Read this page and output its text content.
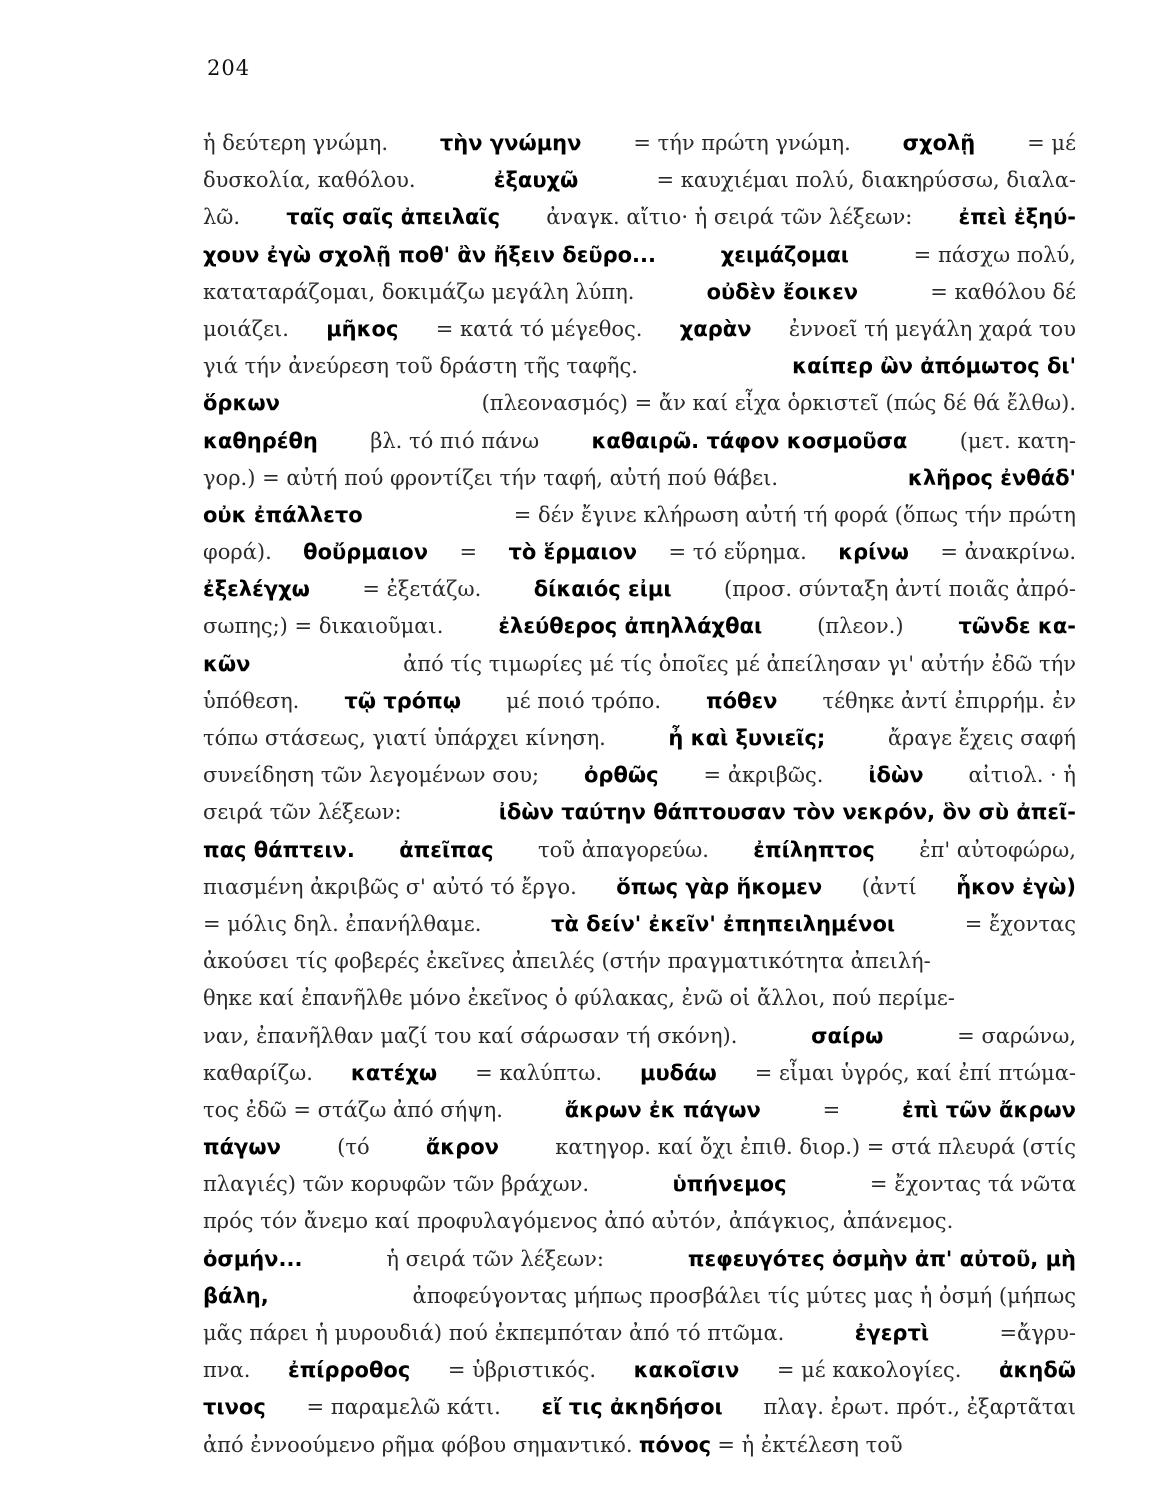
204
ἡ δεύτερη γνώμη. τὴν γνώμην = τήν πρώτη γνώμη. σχολῇ = μέ
δυσκολία, καθόλου.	ἐξαυχῶ	= καυχιέμαι πολύ, διακηρύσσω, διαλα-
λῶ. ταῖς σαῖς ἀπειλαῖς ἀναγκ. αἴτιο· ἡ σειρά τῶν λέξεων: ἐπεὶ ἐξηύ-
χουν ἐγὼ σχολῇ ποθ' ἂν ἤξειν δεῦρο...	χειμάζομαι	= πάσχω πολύ,
καταταράζομαι, δοκιμάζω μεγάλη λύπη.	οὐδὲν ἔοικεν	= καθόλου δέ
μοιάζει. μῆκος = κατά τό μέγεθος. χαρὰν ἐννοεῖ τή μεγάλη χαρά του
γιά τήν ἀνεύρεση τοῦ δράστη τῆς ταφῆς.	καίπερ ὢν ἀπόμωτος δι'
ὅρκων	(πλεονασμός) = ἄν καί εἶχα ὁρκιστεῖ (πώς δέ θά ἔλθω).
καθηρέθη βλ. τό πιό πάνω καθαιρῶ. τάφον κοσμοῦσα (μετ. κατη-
γορ.) = αὐτή πού φροντίζει τήν ταφή, αὐτή πού θάβει.	κλῆρος ἐνθάδ'
οὐκ ἐπάλλετο	= δέν ἔγινε κλήρωση αὐτή τή φορά (ὅπως τήν πρώτη
φορά). θοὔρμαιον = τὸ ἕρμαιον = τό εὕρημα. κρίνω = ἀνακρίνω.
ἐξελέγχω = ἐξετάζω. δίκαιός εἰμι (προσ. σύνταξη ἀντί ποιᾶς ἀπρό-
σωπης;) = δικαιοῦμαι.	ἐλεύθερος ἀπηλλάχθαι	(πλεον.)	τῶνδε κα-
κῶν	ἀπό τίς τιμωρίες μέ τίς ὁποῖες μέ ἀπείλησαν γι' αὐτήν ἐδῶ τήν
ὑπόθεση. τῷ τρόπῳ μέ ποιό τρόπο. πόθεν τέθηκε ἀντί ἐπιρρήμ. ἐν
τόπω στάσεως, γιατί ὑπάρχει κίνηση.	ἦ καὶ ξυνιεῖς;	ἄραγε ἔχεις σαφή
συνείδηση τῶν λεγομένων σου; ὀρθῶς = ἀκριβῶς. ἰδὼν αἰτιολ. · ἡ
σειρά τῶν λέξεων:	ἰδὼν ταύτην θάπτουσαν τὸν νεκρόν, ὃν σὺ ἀπεῖ-
πας θάπτειν. ἀπεῖπας τοῦ ἀπαγορεύω. ἐπίληπτος ἐπ' αὐτοφώρω,
πιασμένη ἀκριβῶς σ' αὐτό τό ἔργο. ὅπως γὰρ ἥκομεν (ἀντί ἧκον ἐγὼ)
= μόλις δηλ. ἐπανήλθαμε.	τὰ δείν' ἐκεῖν' ἐπηπειλημένοι	= ἔχοντας
ἀκούσει τίς φοβερές ἐκεῖνες ἀπειλές (στήν πραγματικότητα ἀπειλή-
θηκε καί ἐπανῆλθε μόνο ἐκεῖνος ὁ φύλακας, ἐνῶ οἱ ἄλλοι, πού περίμε-
ναν, ἐπανῆλθαν μαζί του καί σάρωσαν τή σκόνη).	σαίρω	= σαρώνω,
καθαρίζω. κατέχω = καλύπτω. μυδάω = εἶμαι ὑγρός, καί ἐπί πτώμα-
τος ἐδῶ = στάζω ἀπό σήψη.	ἄκρων ἐκ πάγων	=	ἐπὶ τῶν ἄκρων
πάγων	(τό	ἄκρον	κατηγορ. καί ὄχι ἐπιθ. διορ.) = στά πλευρά (στίς
πλαγιές) τῶν κορυφῶν τῶν βράχων.	ὑπήνεμος	= ἔχοντας τά νῶτα
πρός τόν ἄνεμο καί προφυλαγόμενος ἀπό αὐτόν, ἀπάγκιος, ἀπάνεμος.
ὀσμήν...	ἡ σειρά τῶν λέξεων:	πεφευγότες ὀσμὴν ἀπ' αὐτοῦ, μὴ
βάλη,	ἀποφεύγοντας μήπως προσβάλει τίς μύτες μας ἡ ὀσμή (μήπως
μᾶς πάρει ἡ μυρουδιά) πού ἐκπεμπόταν ἀπό τό πτῶμα.	ἐγερτὶ	=ἄγρυ-
πνα. ἐπίρροθος = ὑβριστικός. κακοῖσιν = μέ κακολογίες. ἀκηδῶ
τινος = παραμελῶ κάτι. εἴ τις ἀκηδήσοι πλαγ. ἐρωτ. πρότ., ἐξαρτᾶται
ἀπό ἐννοούμενο ρῆμα φόβου σημαντικό. πόνος = ἡ ἐκτέλεση τοῦ
